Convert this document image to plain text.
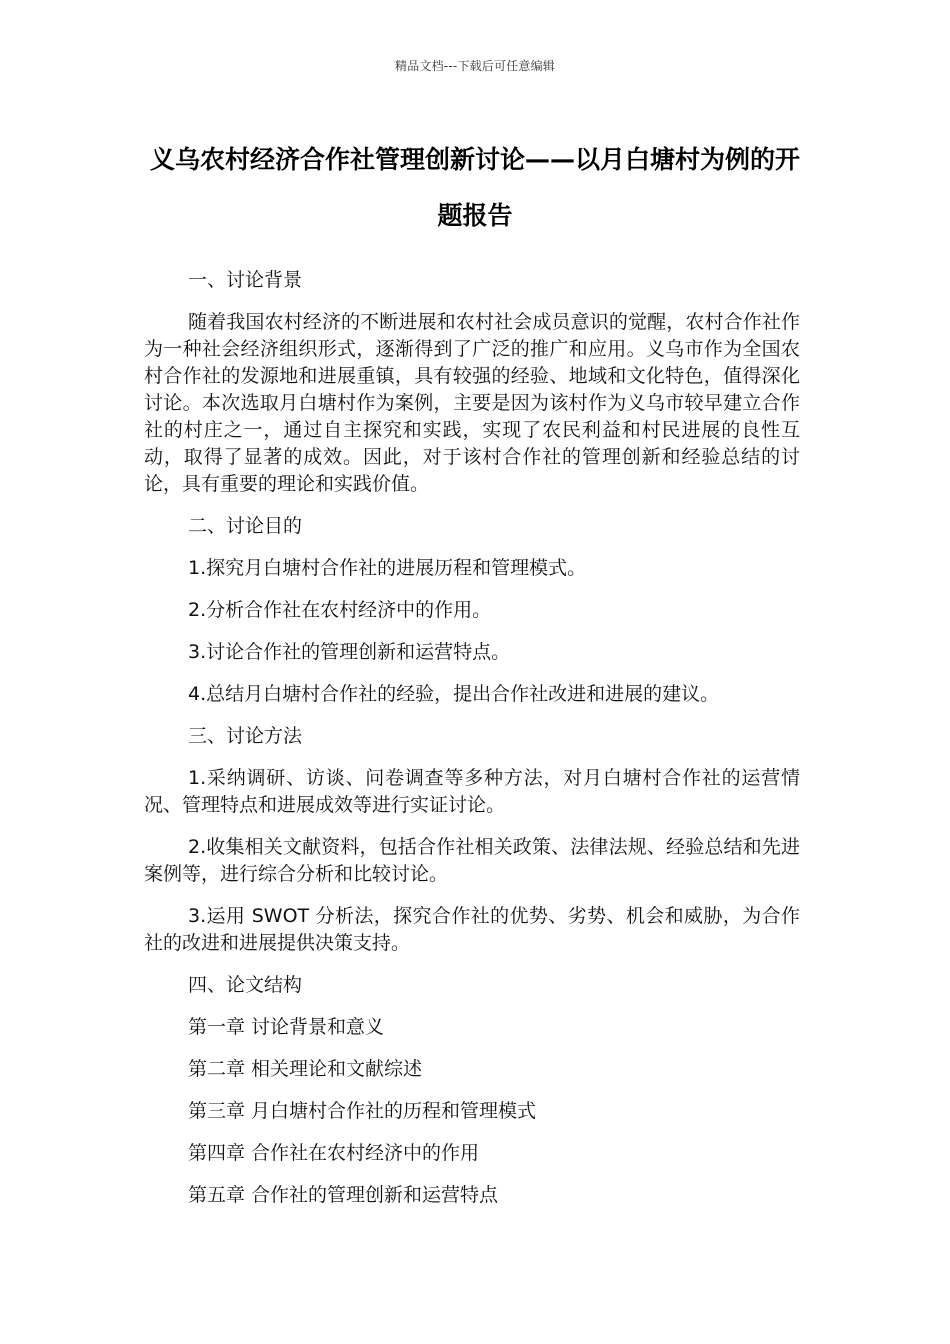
精品文档---下载后可任意编辑
义乌农村经济合作社管理创新讨论——以月白塘村为例的开题报告

一、讨论背景

随着我国农村经济的不断进展和农村社会成员意识的觉醒，农村合作社作为一种社会经济组织形式，逐渐得到了广泛的推广和应用。义乌市作为全国农村合作社的发源地和进展重镇，具有较强的经验、地域和文化特色，值得深化讨论。本次选取月白塘村作为案例，主要是因为该村作为义乌市较早建立合作社的村庄之一，通过自主探究和实践，实现了农民利益和村民进展的良性互动，取得了显著的成效。因此，对于该村合作社的管理创新和经验总结的讨论，具有重要的理论和实践价值。

二、讨论目的

1.探究月白塘村合作社的进展历程和管理模式。

2.分析合作社在农村经济中的作用。

3.讨论合作社的管理创新和运营特点。

4.总结月白塘村合作社的经验，提出合作社改进和进展的建议。

三、讨论方法

1.采纳调研、访谈、问卷调查等多种方法，对月白塘村合作社的运营情况、管理特点和进展成效等进行实证讨论。

2.收集相关文献资料，包括合作社相关政策、法律法规、经验总结和先进案例等，进行综合分析和比较讨论。

3.运用 SWOT 分析法，探究合作社的优势、劣势、机会和威胁，为合作社的改进和进展提供决策支持。

四、论文结构

第一章 讨论背景和意义

第二章 相关理论和文献综述

第三章 月白塘村合作社的历程和管理模式

第四章 合作社在农村经济中的作用

第五章 合作社的管理创新和运营特点
